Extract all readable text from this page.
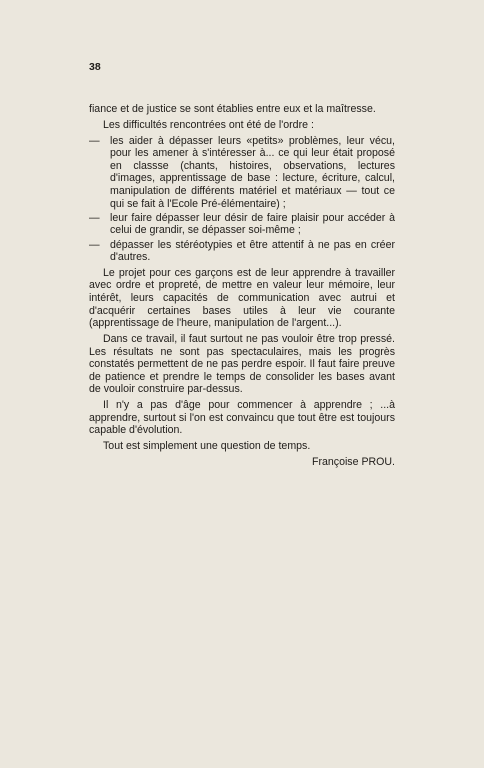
38

fiance et de justice se sont établies entre eux et la maîtresse.

Les difficultés rencontrées ont été de l'ordre :

— les aider à dépasser leurs «petits» problèmes, leur vécu, pour les amener à s'intéresser à... ce qui leur était proposé en classse (chants, histoires, observations, lectures d'images, apprentissage de base : lecture, écriture, calcul, manipulation de différents matériel et matériaux — tout ce qui se fait à l'Ecole Pré-élémentaire) ;
— leur faire dépasser leur désir de faire plaisir pour accéder à celui de grandir, se dépasser soi-même ;
— dépasser les stéréotypies et être attentif à ne pas en créer d'autres.

Le projet pour ces garçons est de leur apprendre à travailler avec ordre et propreté, de mettre en valeur leur mémoire, leur intérêt, leurs capacités de communication avec autrui et d'acquérir certaines bases utiles à leur vie courante (apprentissage de l'heure, manipulation de l'argent...).

Dans ce travail, il faut surtout ne pas vouloir être trop pressé. Les résultats ne sont pas spectaculaires, mais les progrès constatés permettent de ne pas perdre espoir. Il faut faire preuve de patience et prendre le temps de consolider les bases avant de vouloir construire par-dessus.

Il n'y a pas d'âge pour commencer à apprendre ; ...à apprendre, surtout si l'on est convaincu que tout être est toujours capable d'évolution.

Tout est simplement une question de temps.

Françoise PROU.
